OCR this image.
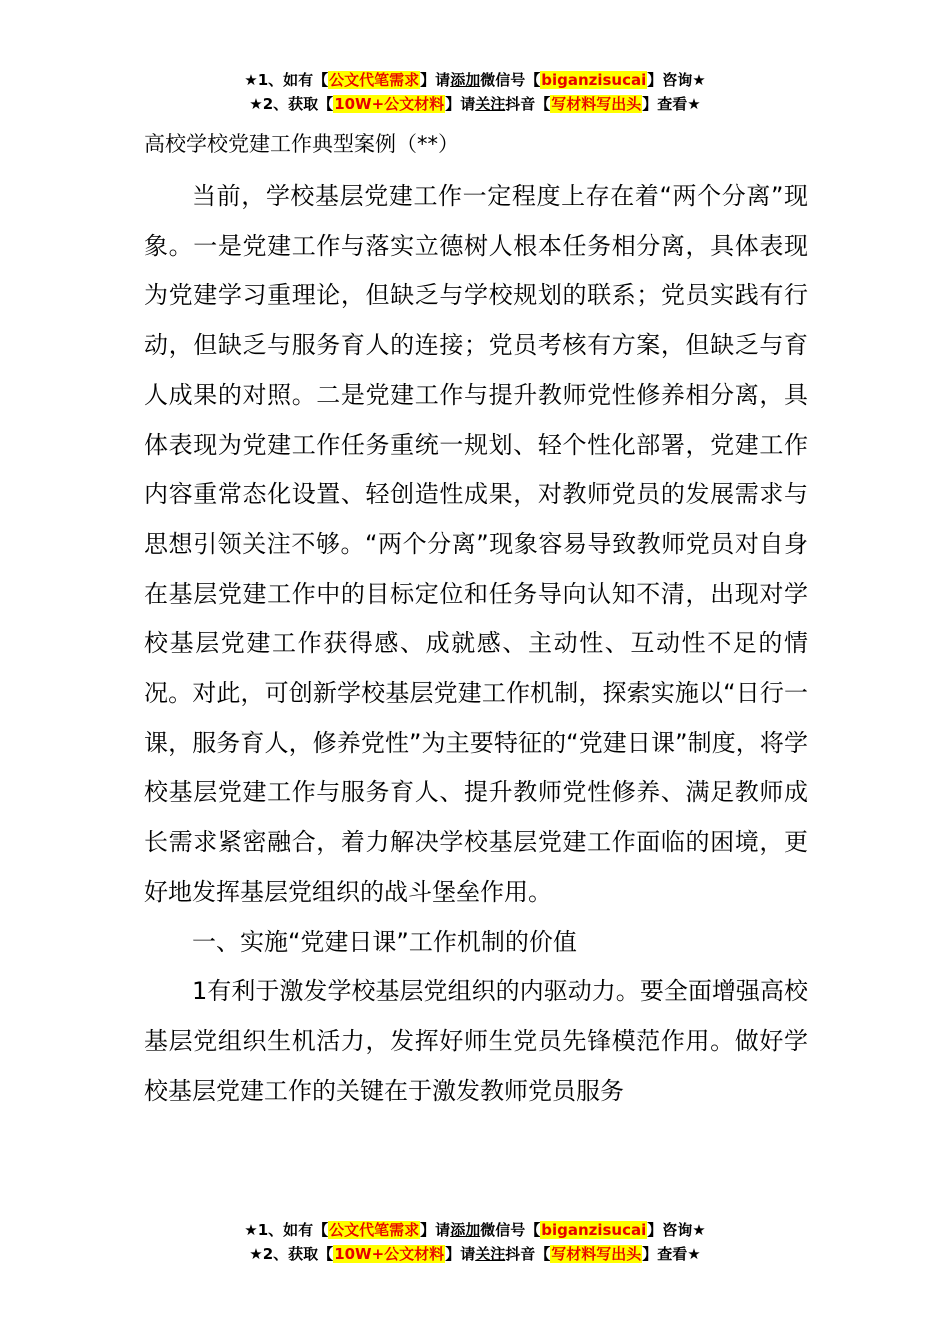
★1、如有【公文代笔需求】请添加微信号【biganzisucai】咨询★
★2、获取【10W+公文材料】请关注抖音【写材料写出头】查看★
高校学校党建工作典型案例（**）

当前，学校基层党建工作一定程度上存在着“两个分离”现象。一是党建工作与落实立德树人根本任务相分离，具体表现为党建学习重理论，但缺乏与学校规划的联系；党员实践有行动，但缺乏与服务育人的连接；党员考核有方案，但缺乏与育人成果的对照。二是党建工作与提升教师党性修养相分离，具体表现为党建工作任务重统一规划、轻个性化部署，党建工作内容重常态化设置、轻创造性成果，对教师党员的发展需求与思想引领关注不够。“两个分离”现象容易导致教师党员对自身在基层党建工作中的目标定位和任务导向认知不清，出现对学校基层党建工作获得感、成就感、主动性、互动性不足的情况。对此，可创新学校基层党建工作机制，探索实施以“日行一课，服务育人，修养党性”为主要特征的“党建日课”制度，将学校基层党建工作与服务育人、提升教师党性修养、满足教师成长需求紧密融合，着力解决学校基层党建工作面临的困境，更好地发挥基层党组织的战斗堡垒作用。

一、实施“党建日课”工作机制的价值

1有利于激发学校基层党组织的内驱动力。要全面增强高校基层党组织生机活力，发挥好师生党员先锋模范作用。做好学校基层党建工作的关键在于激发教师党员服务

★1、如有【公文代笔需求】请添加微信号【biganzisucai】咨询★
★2、获取【10W+公文材料】请关注抖音【写材料写出头】查看★
